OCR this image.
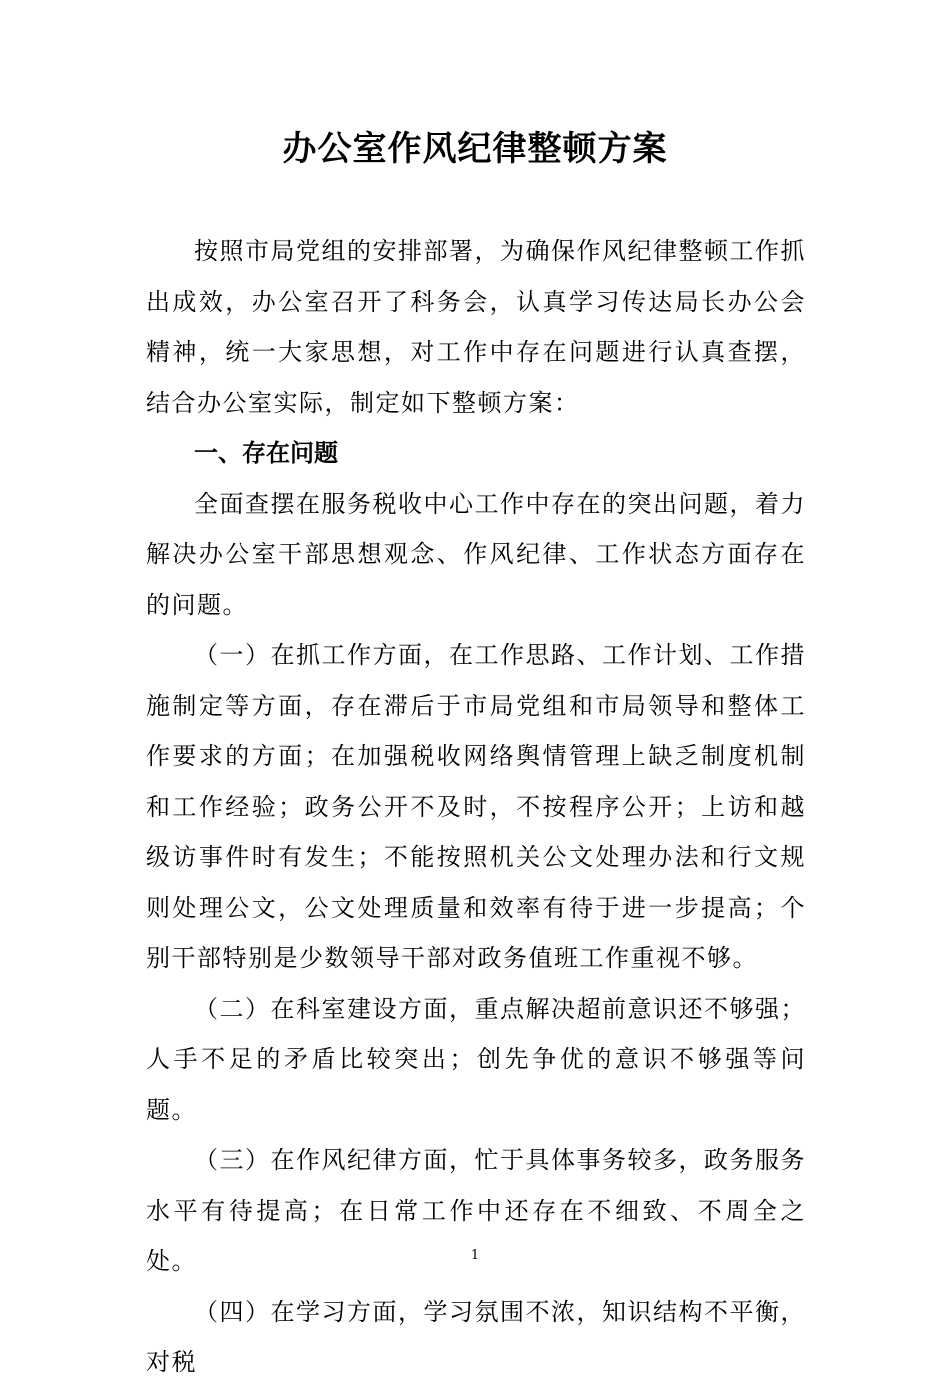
办公室作风纪律整顿方案

按照市局党组的安排部署，为确保作风纪律整顿工作抓出成效，办公室召开了科务会，认真学习传达局长办公会精神，统一大家思想，对工作中存在问题进行认真查摆，结合办公室实际，制定如下整顿方案：

一、存在问题

全面查摆在服务税收中心工作中存在的突出问题，着力解决办公室干部思想观念、作风纪律、工作状态方面存在的问题。

（一）在抓工作方面，在工作思路、工作计划、工作措施制定等方面，存在滞后于市局党组和市局领导和整体工作要求的方面；在加强税收网络舆情管理上缺乏制度机制和工作经验；政务公开不及时，不按程序公开；上访和越级访事件时有发生；不能按照机关公文处理办法和行文规则处理公文，公文处理质量和效率有待于进一步提高；个别干部特别是少数领导干部对政务值班工作重视不够。

（二）在科室建设方面，重点解决超前意识还不够强；人手不足的矛盾比较突出；创先争优的意识不够强等问题。

（三）在作风纪律方面，忙于具体事务较多，政务服务水平有待提高；在日常工作中还存在不细致、不周全之处。

（四）在学习方面，学习氛围不浓，知识结构不平衡，对税

1
